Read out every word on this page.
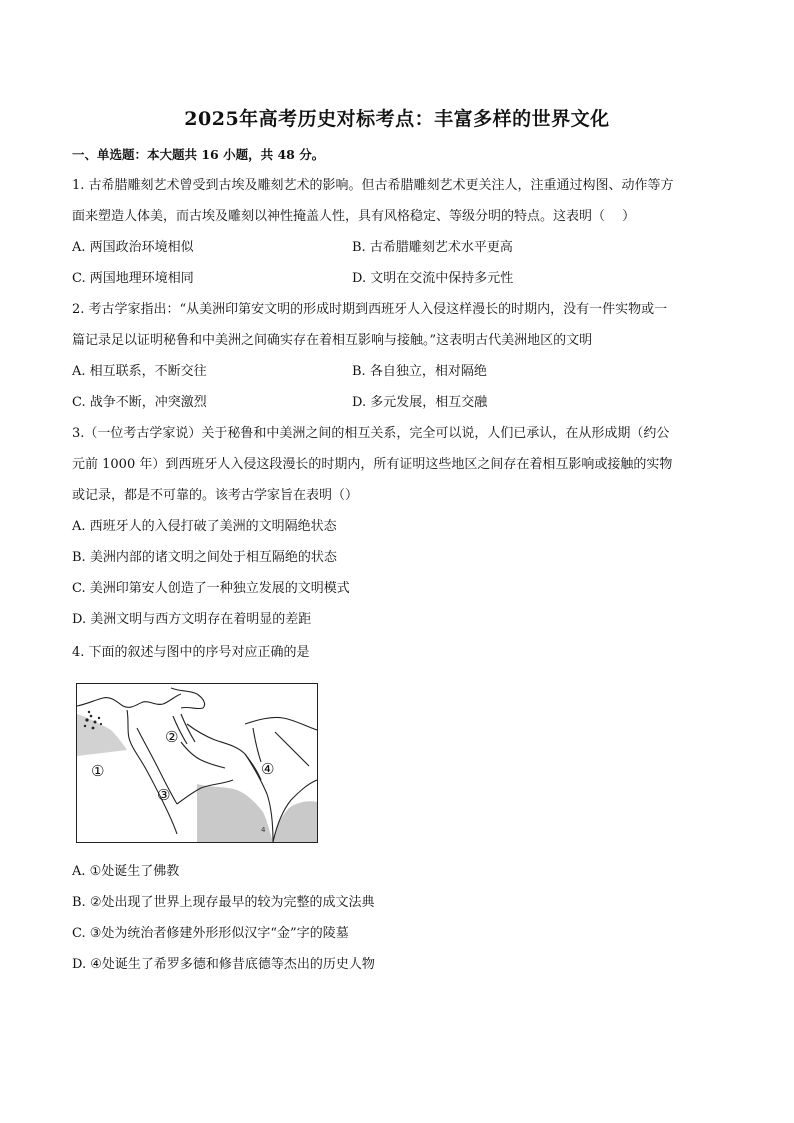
2025年高考历史对标考点：丰富多样的世界文化
一、单选题：本大题共 16 小题，共 48 分。
1. 古希腊雕刻艺术曾受到古埃及雕刻艺术的影响。但古希腊雕刻艺术更关注人，注重通过构图、动作等方
面来塑造人体美，而古埃及雕刻以神性掩盖人性，具有风格稳定、等级分明的特点。这表明（　 ）
A. 两国政治环境相似	B. 古希腊雕刻艺术水平更高
C. 两国地理环境相同	D. 文明在交流中保持多元性
2. 考古学家指出：“从美洲印第安文明的形成时期到西班牙人入侵这样漫长的时期内，没有一件实物或一
篇记录足以证明秘鲁和中美洲之间确实存在着相互影响与接触。”这表明古代美洲地区的文明
A. 相互联系，不断交往	B. 各自独立，相对隔绝
C. 战争不断，冲突激烈	D. 多元发展，相互交融
3.（一位考古学家说）关于秘鲁和中美洲之间的相互关系，完全可以说，人们已承认，在从形成期（约公
元前 1000 年）到西班牙人入侵这段漫长的时期内，所有证明这些地区之间存在着相互影响或接触的实物
或记录，都是不可靠的。该考古学家旨在表明（）
A. 西班牙人的入侵打破了美洲的文明隔绝状态
B. 美洲内部的诸文明之间处于相互隔绝的状态
C. 美洲印第安人创造了一种独立发展的文明模式
D. 美洲文明与西方文明存在着明显的差距
4. 下面的叙述与图中的序号对应正确的是
①
②
③
④
4
A. ①处诞生了佛教
B. ②处出现了世界上现存最早的较为完整的成文法典
C. ③处为统治者修建外形形似汉字“金”字的陵墓
D. ④处诞生了希罗多德和修昔底德等杰出的历史人物
